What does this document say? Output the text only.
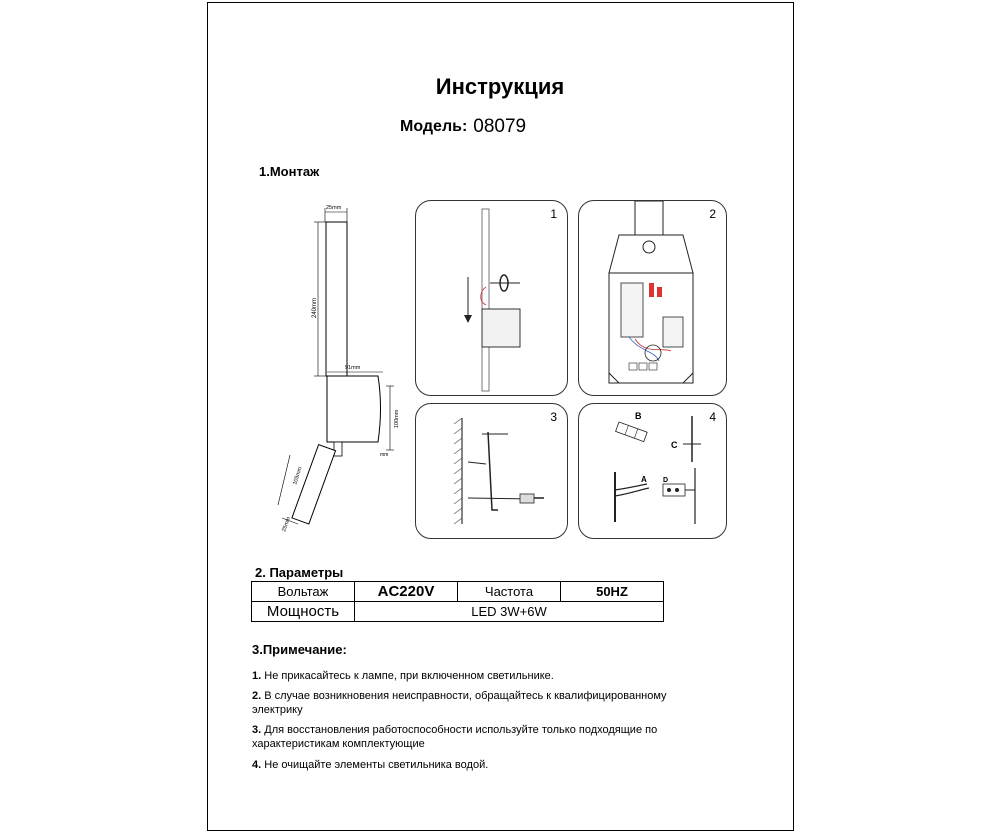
Инструкция
Модель: 08079
1.Монтаж
25mm
240mm
91mm
100mm
mm
105mm
25mm
1	2
3	4
B
C
A D
2. Параметры
Вольтаж	AC220V	Частота	50HZ
Мощность	LED 3W+6W		
3.Примечание:
1. Не прикасайтесь к лампе, при включенном светильнике.
2. В случае возникновения неисправности, обращайтесь к квалифицированному электрику
3. Для восстановления работоспособности используйте только подходящие по характеристикам комплектующие
4. Не очищайте элементы светильника водой.
